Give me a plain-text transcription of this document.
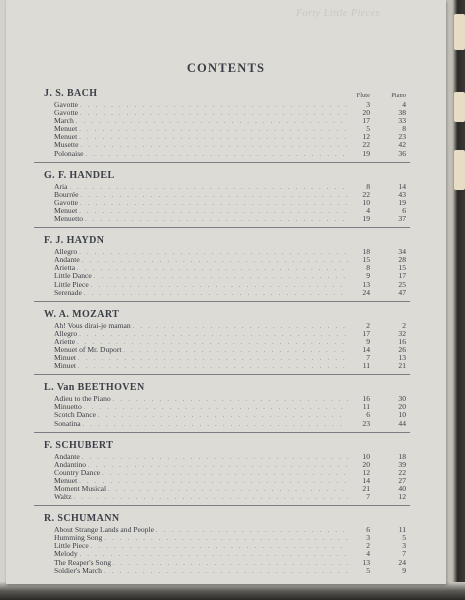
Forty Little Pieces
CONTENTS
J. S. BACH	Flute	Piano
Gavotte . . .	3	4
Gavotte . . .	20	38
March . . .	17	33
Menuet . . .	5	8
Menuet . . .	12	23
Musette . . .	22	42
Polonaise . . .	19	36
G. F. HANDEL
Aria . . .	8	14
Bourrée . . .	22	43
Gavotte . . .	10	19
Menuet . . .	4	6
Menuetto . . .	19	37
F. J. HAYDN
Allegro . . .	18	34
Andante . . .	15	28
Arietta . . .	8	15
Little Dance . . .	9	17
Little Piece . . .	13	25
Serenade . . .	24	47
W. A. MOZART
Ah! Vous dirai-je maman . . .	2	2
Allegro . . .	17	32
Ariette . . .	9	16
Menuet of Mr. Duport . . .	14	26
Minuet . . .	7	13
Minuet . . .	11	21
L. Van BEETHOVEN
Adieu to the Piano . . .	16	30
Minuetto . . .	11	20
Scotch Dance . . .	6	10
Sonatina . . .	23	44
F. SCHUBERT
Andante . . .	10	18
Andantino . . .	20	39
Country Dance . . .	12	22
Menuet . . .	14	27
Moment Musical . . .	21	40
Waltz . . .	7	12
R. SCHUMANN
About Strange Lands and People . . .	6	11
Humming Song . . .	3	5
Little Piece . . .	2	3
Melody . . .	4	7
The Reaper's Song . . .	13	24
Soldier's March . . .	5	9
